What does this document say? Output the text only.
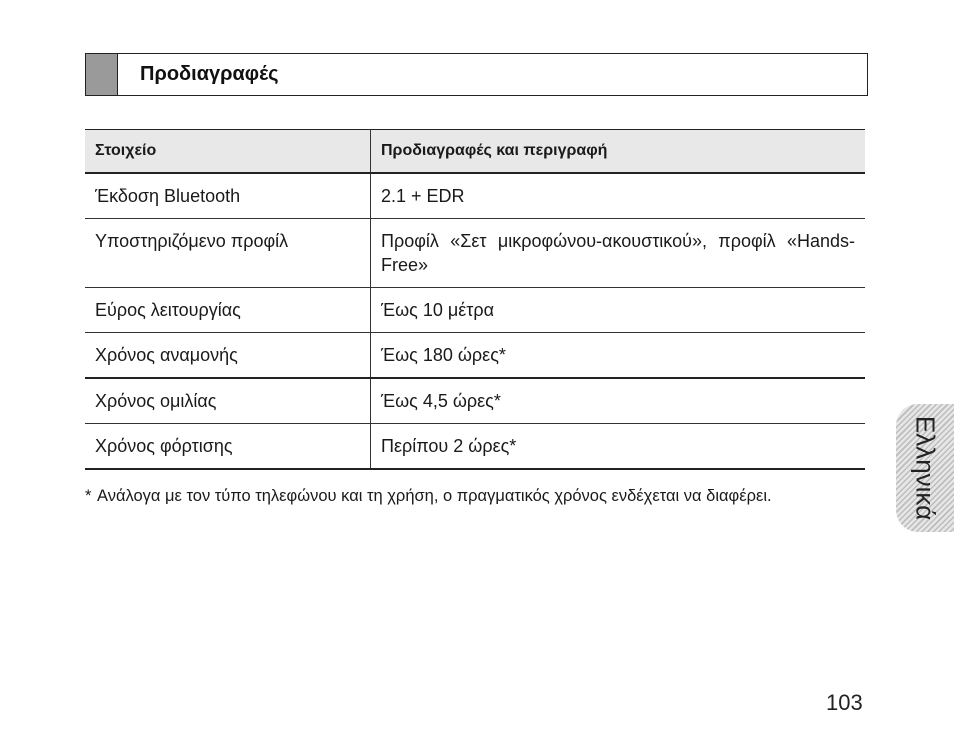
Προδιαγραφές
Στοιχείο	Προδιαγραφές και περιγραφή
Έκδοση Bluetooth	2.1 + EDR
Υποστηριζόμενο προφίλ	Προφίλ «Σετ μικροφώνου-ακουστικού», προφίλ «Hands-Free»
Εύρος λειτουργίας	Έως 10 μέτρα
Χρόνος αναμονής	Έως 180 ώρες*
Χρόνος ομιλίας	Έως 4,5 ώρες*
Χρόνος φόρτισης	Περίπου 2 ώρες*
* Ανάλογα με τον τύπο τηλεφώνου και τη χρήση, ο πραγματικός χρόνος ενδέχεται να διαφέρει.	Ελληνικά
103
